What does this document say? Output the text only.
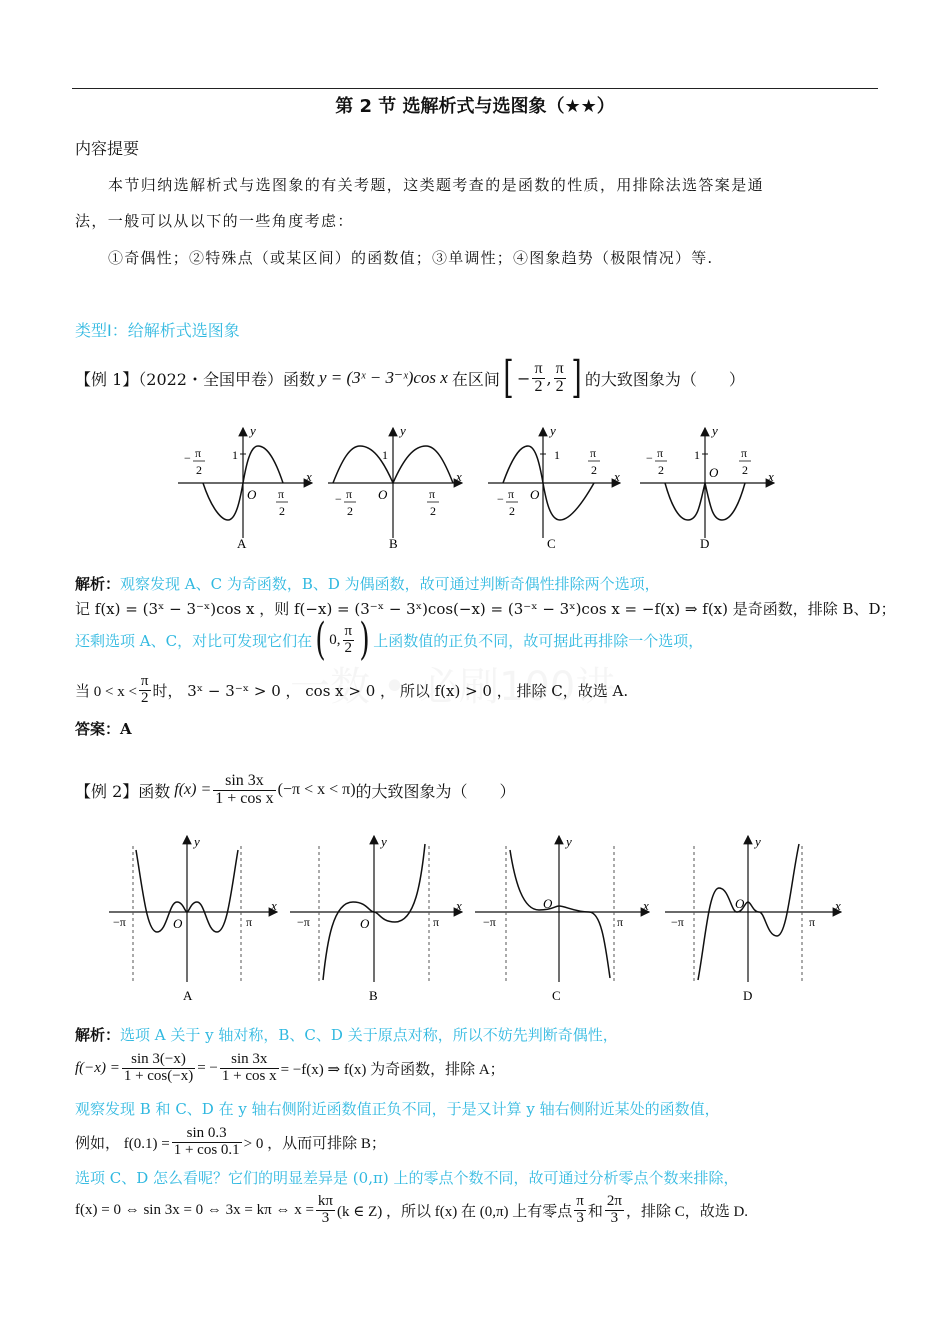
第 2 节 选解析式与选图象（★★）
内容提要
本节归纳选解析式与选图象的有关考题，这类题考查的是函数的性质，用排除法选答案是通
法，一般可以从以下的一些角度考虑：
①奇偶性；②特殊点（或某区间）的函数值；③单调性；④图象趋势（极限情况）等.
类型Ⅰ：给解析式选图象
【例 1】（2022・全国甲卷）函数 y = (3ˣ − 3⁻ˣ)cos x 在区间 [ − $\frac{\pi}{2}$ , $\frac{\pi}{2}$ ] 的大致图象为（　　）
y
x
O
1
− π
2
π
2
A
y
x
O
1
− π
2
π
2
B
y
x
O
1
− π
2
π
2
C
y
x
O
1
− π
2
π
2
D
解析：观察发现 A、C 为奇函数，B、D 为偶函数，故可通过判断奇偶性排除两个选项，
记 f(x) = (3ˣ − 3⁻ˣ)cos x ，则 f(−x) = (3⁻ˣ − 3ˣ)cos(−x) = (3⁻ˣ − 3ˣ)cos x = −f(x) ⇒ f(x) 是奇函数，排除 B、D；
还剩选项 A、C，对比可发现它们在 ( 0, $\frac{\pi}{2}$ ) 上函数值的正负不同，故可据此再排除一个选项，
当 $0 < x < \frac{\pi}{2}$ 时， 3ˣ − 3⁻ˣ > 0 ， cos x > 0 ， 所以 f(x) > 0 ， 排除 C，故选 A.
答案：A
【例 2】函数 $f(x) = \frac{\sin 3x}{\text{1 + cos x}} (-\pi < x < \pi)$ 的大致图象为（　　）
y
x
O
−π	π
A
y
x
O
−π	π
B
y
x
O
−π	π
C
y
x
O
−π	π
D
解析：选项 A 关于 y 轴对称，B、C、D 关于原点对称，所以不妨先判断奇偶性，
$f(-x) = \frac{\sin 3(-x)}{1 + \cos(-x)}$ = − $\frac{\sin 3x}{\text{1 + cos x}} = -f(x)$ ⇒ f(x) 为奇函数，排除 A；
观察发现 B 和 C、D 在 y 轴右侧附近函数值正负不同，于是又计算 y 轴右侧附近某处的函数值，
例如， $f(0.1) = \frac{\sin 0.3}{1 + \cos 0.1} > 0$ ，从而可排除 B；
选项 C、D 怎么看呢？它们的明显差异是 (0,π) 上的零点个数不同，故可通过分析零点个数来排除，
f(x) = 0 ⇔ sin 3x = 0 ⇔ 3x = kπ ⇔ $x = \frac{k\pi}{3} (k$ ∈ Z) ，所以 f(x) 在 (0,π) 上有零点 $\frac{\pi}{3}$ 和 $\frac{2\pi}{3}$ ，排除 C，故选 D.
